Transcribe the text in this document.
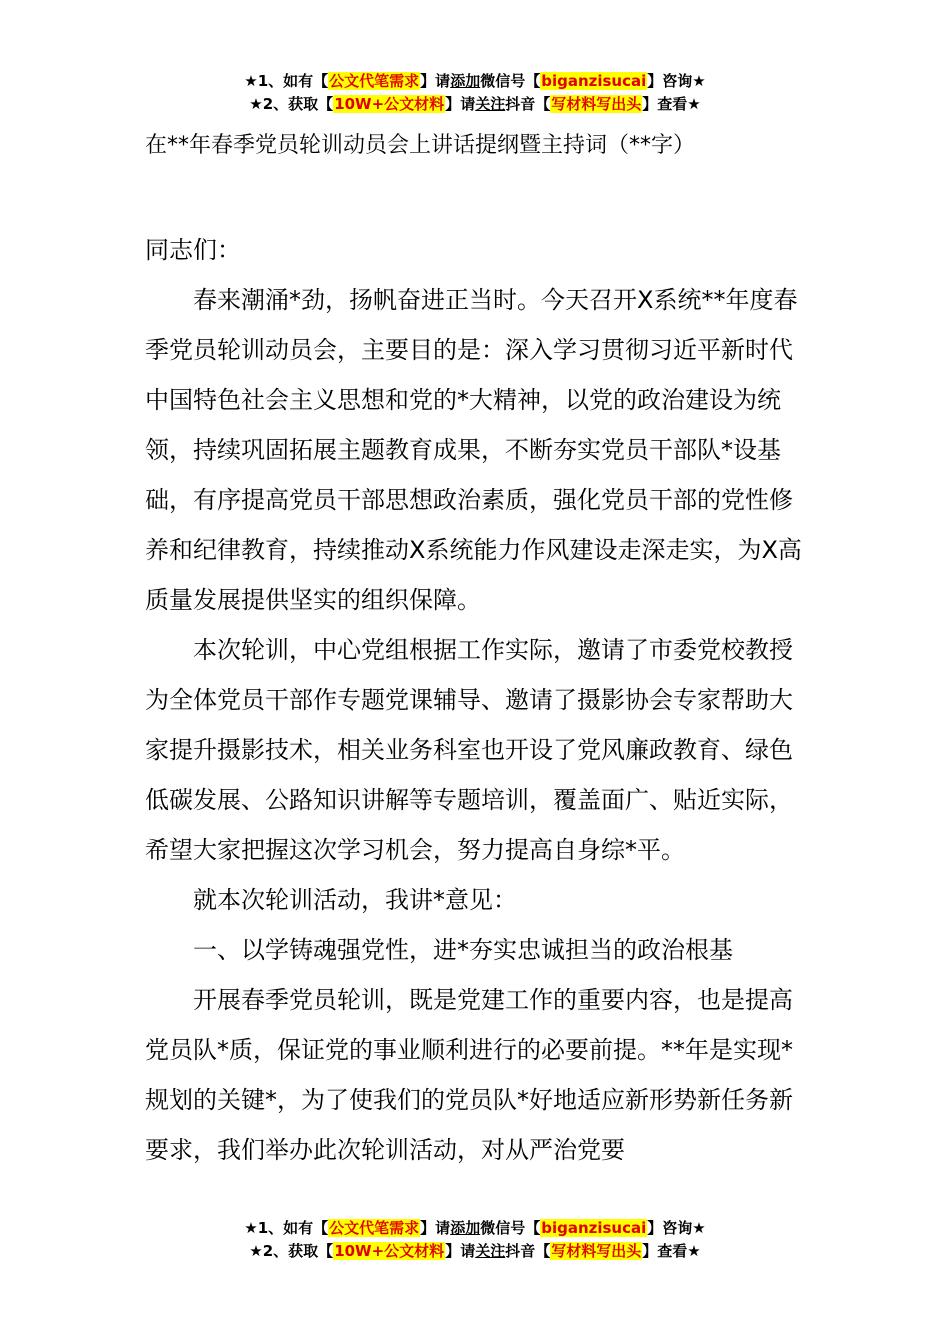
★1、如有【公文代笔需求】请添加微信号【biganzisucai】咨询★
★2、获取【10W+公文材料】请关注抖音【写材料写出头】查看★
在**年春季党员轮训动员会上讲话提纲暨主持词（**字）

同志们：

春来潮涌*劲，扬帆奋进正当时。今天召开X系统**年度春季党员轮训动员会，主要目的是：深入学习贯彻习近平新时代中国特色社会主义思想和党的*大精神，以党的政治建设为统领，持续巩固拓展主题教育成果，不断夯实党员干部队*设基础，有序提高党员干部思想政治素质，强化党员干部的党性修养和纪律教育，持续推动X系统能力作风建设走深走实，为X高质量发展提供坚实的组织保障。

本次轮训，中心党组根据工作实际，邀请了市委党校教授为全体党员干部作专题党课辅导、邀请了摄影协会专家帮助大家提升摄影技术，相关业务科室也开设了党风廉政教育、绿色低碳发展、公路知识讲解等专题培训，覆盖面广、贴近实际，希望大家把握这次学习机会，努力提高自身综*平。

就本次轮训活动，我讲*意见：

一、以学铸魂强党性，进*夯实忠诚担当的政治根基

开展春季党员轮训，既是党建工作的重要内容，也是提高党员队*质，保证党的事业顺利进行的必要前提。**年是实现*规划的关键*，为了使我们的党员队*好地适应新形势新任务新要求，我们举办此次轮训活动，对从严治党要

★1、如有【公文代笔需求】请添加微信号【biganzisucai】咨询★
★2、获取【10W+公文材料】请关注抖音【写材料写出头】查看★
